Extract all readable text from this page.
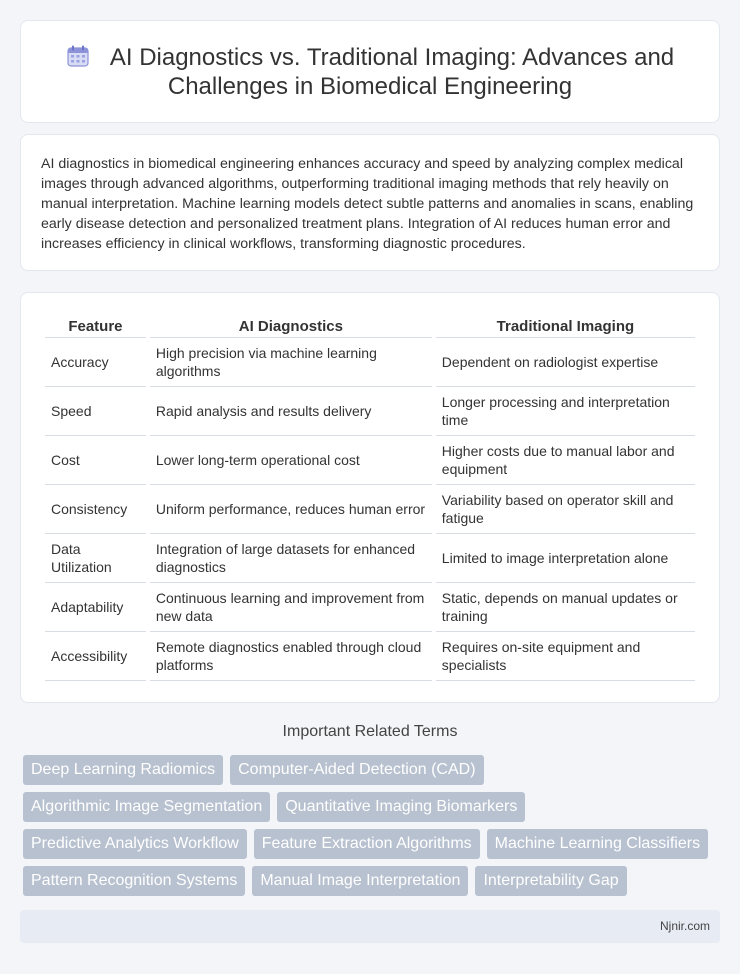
AI Diagnostics vs. Traditional Imaging: Advances and
Challenges in Biomedical Engineering

AI diagnostics in biomedical engineering enhances accuracy and speed by analyzing complex medical images through advanced algorithms, outperforming traditional imaging methods that rely heavily on manual interpretation. Machine learning models detect subtle patterns and anomalies in scans, enabling early disease detection and personalized treatment plans. Integration of AI reduces human error and increases efficiency in clinical workflows, transforming diagnostic procedures.

Feature	AI Diagnostics	Traditional Imaging
Accuracy	High precision via machine learning algorithms	Dependent on radiologist expertise
Speed	Rapid analysis and results delivery	Longer processing and interpretation time
Cost	Lower long-term operational cost	Higher costs due to manual labor and equipment
Consistency	Uniform performance, reduces human error	Variability based on operator skill and fatigue
Data Utilization	Integration of large datasets for enhanced diagnostics	Limited to image interpretation alone
Adaptability	Continuous learning and improvement from new data	Static, depends on manual updates or training
Accessibility	Remote diagnostics enabled through cloud platforms	Requires on-site equipment and specialists
Important Related Terms
Deep Learning Radiomics	Computer-Aided Detection (CAD)
Algorithmic Image Segmentation	Quantitative Imaging Biomarkers
Predictive Analytics Workflow	Feature Extraction Algorithms	Machine Learning Classifiers
Pattern Recognition Systems	Manual Image Interpretation	Interpretability Gap
Njnir.com
